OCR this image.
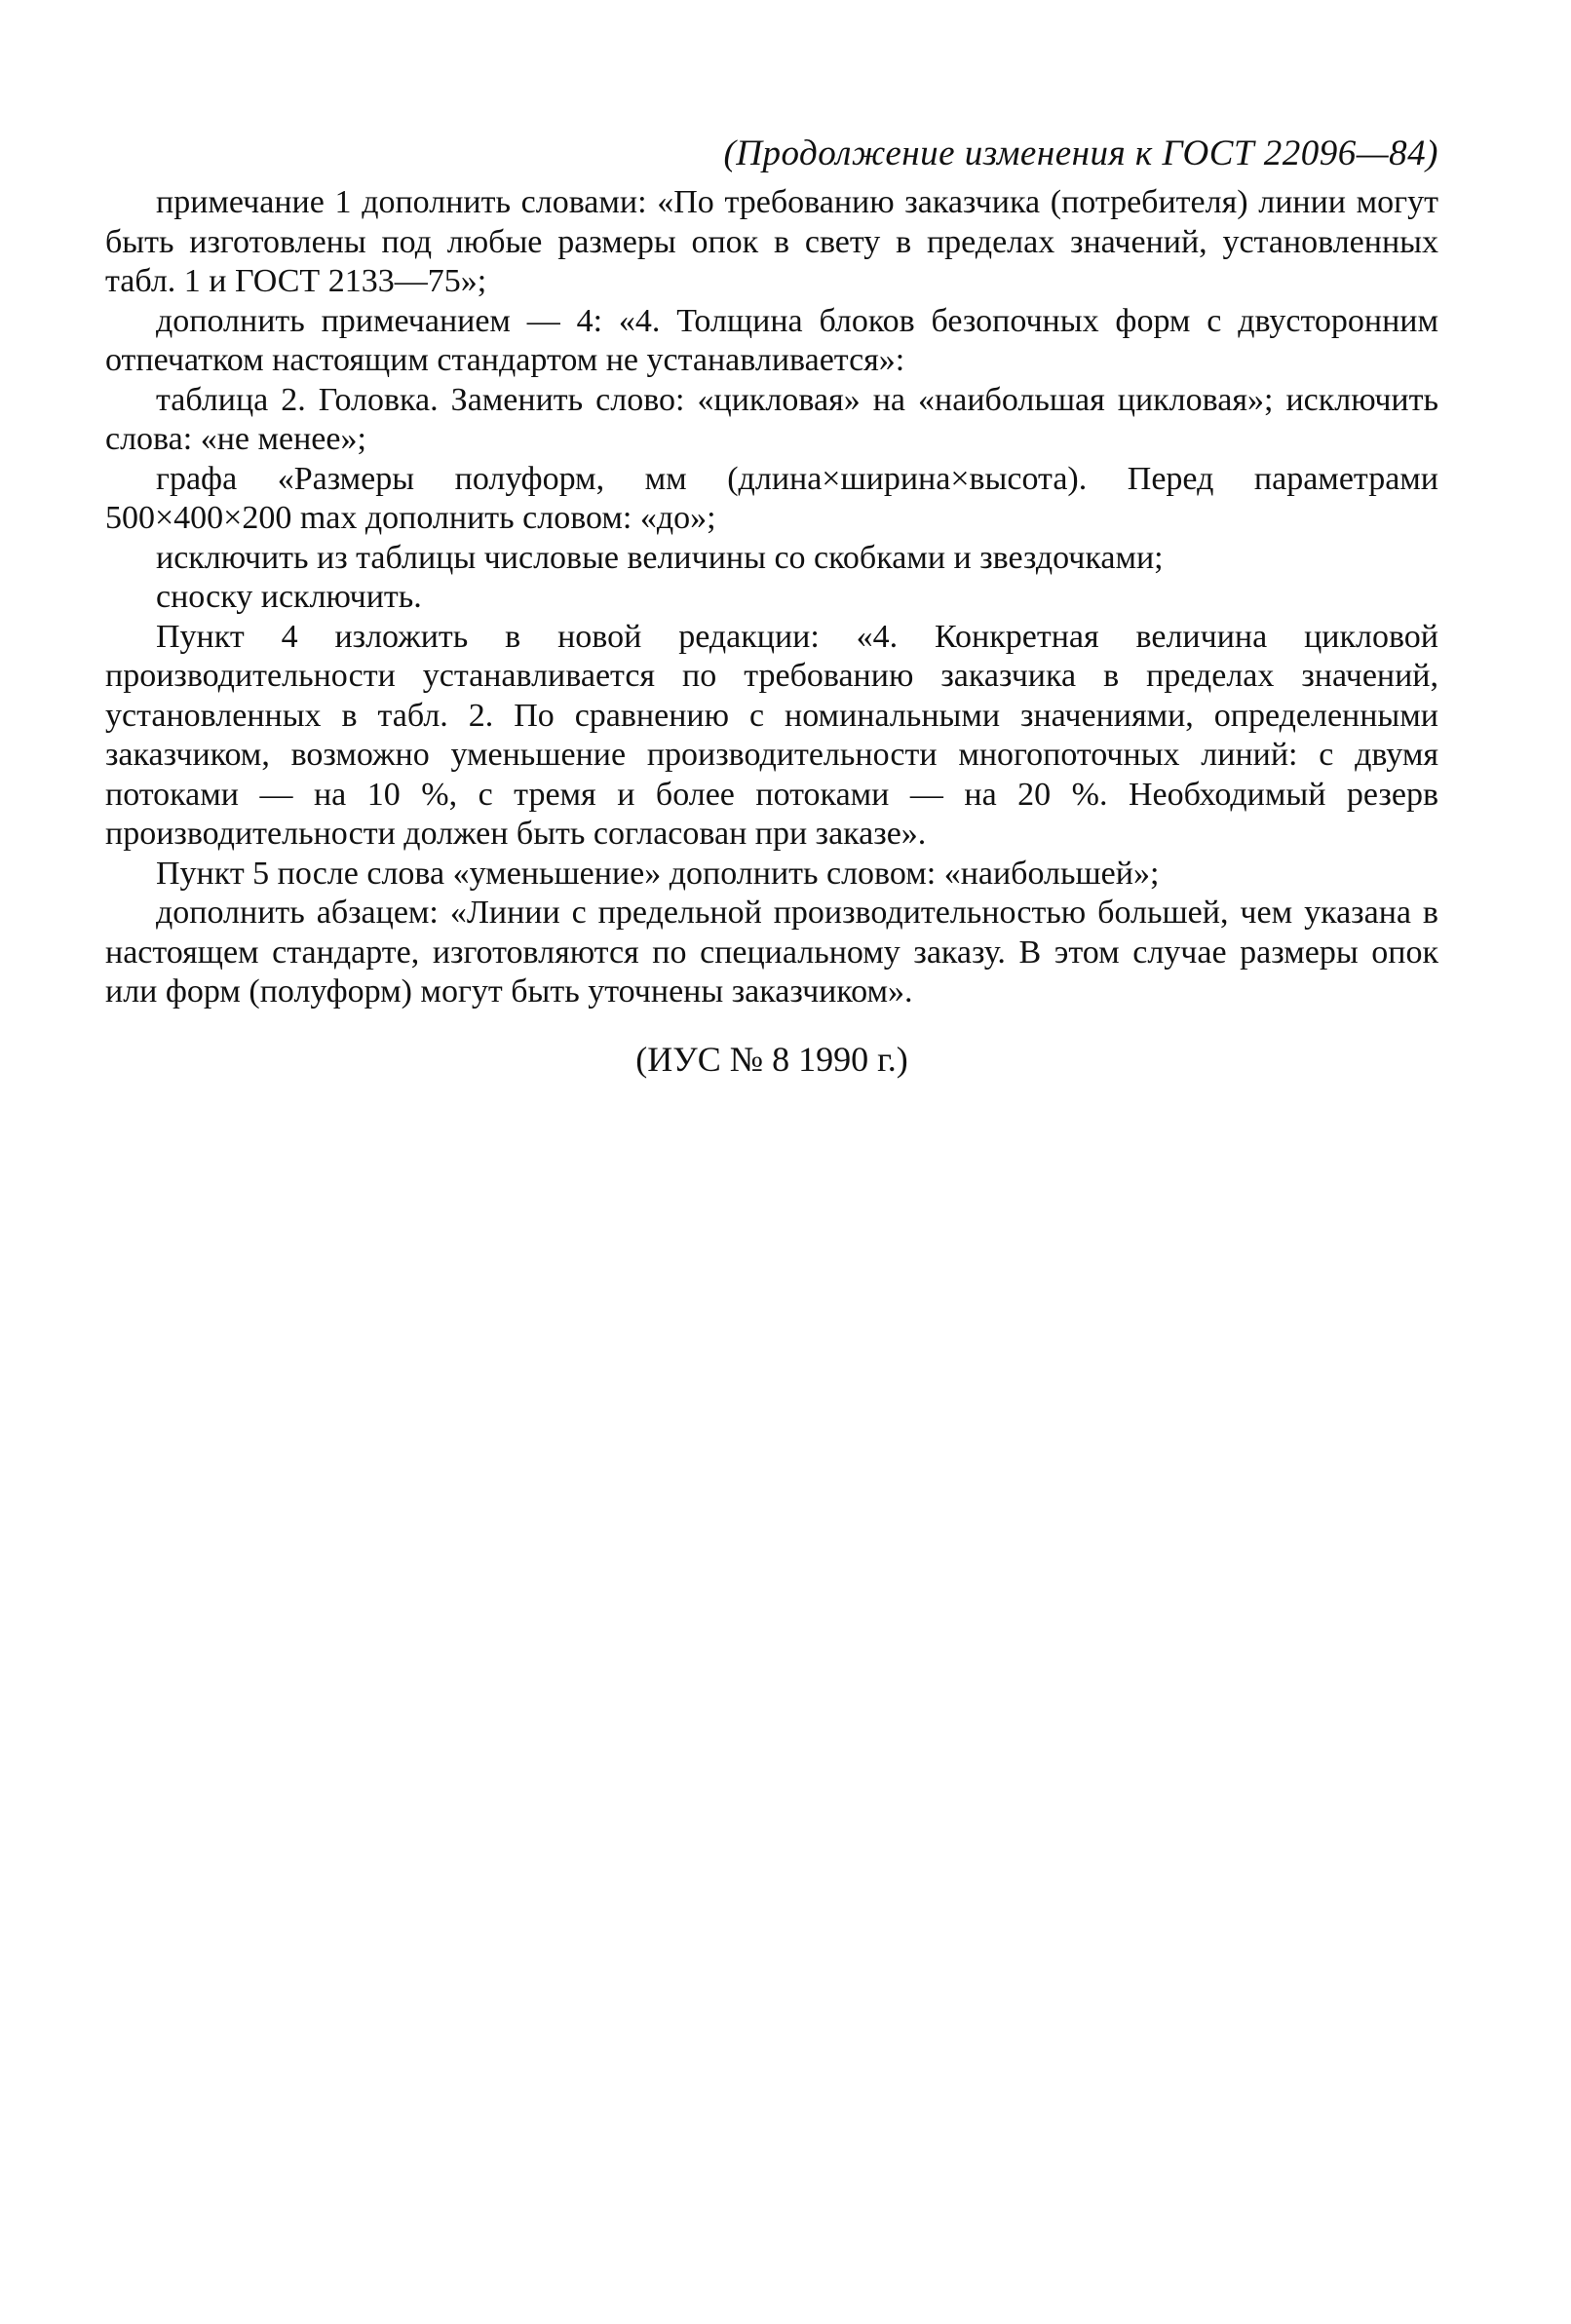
(Продолжение изменения к ГОСТ 22096—84)

примечание 1 дополнить словами: «По требованию заказчика (потребителя) линии могут быть изготовлены под любые размеры опок в свету в пределах значений, установленных табл. 1 и ГОСТ 2133—75»;

дополнить примечанием — 4: «4. Толщина блоков безопочных форм с двусторонним отпечатком настоящим стандартом не устанавливается»:

таблица 2. Головка. Заменить слово: «цикловая» на «наибольшая цикловая»; исключить слова: «не менее»;

графа «Размеры полуформ, мм (длина×ширина×высота). Перед параметрами 500×400×200 max дополнить словом: «до»;

исключить из таблицы числовые величины со скобками и звездочками;

сноску исключить.

Пункт 4 изложить в новой редакции: «4. Конкретная величина цикловой производительности устанавливается по требованию заказчика в пределах значений, установленных в табл. 2. По сравнению с номинальными значениями, определенными заказчиком, возможно уменьшение производительности многопоточных линий: с двумя потоками — на 10 %, с тремя и более потоками — на 20 %. Необходимый резерв производительности должен быть согласован при заказе».

Пункт 5 после слова «уменьшение» дополнить словом: «наибольшей»;

дополнить абзацем: «Линии с предельной производительностью большей, чем указана в настоящем стандарте, изготовляются по специальному заказу. В этом случае размеры опок или форм (полуформ) могут быть уточнены заказчиком».

(ИУС № 8 1990 г.)
